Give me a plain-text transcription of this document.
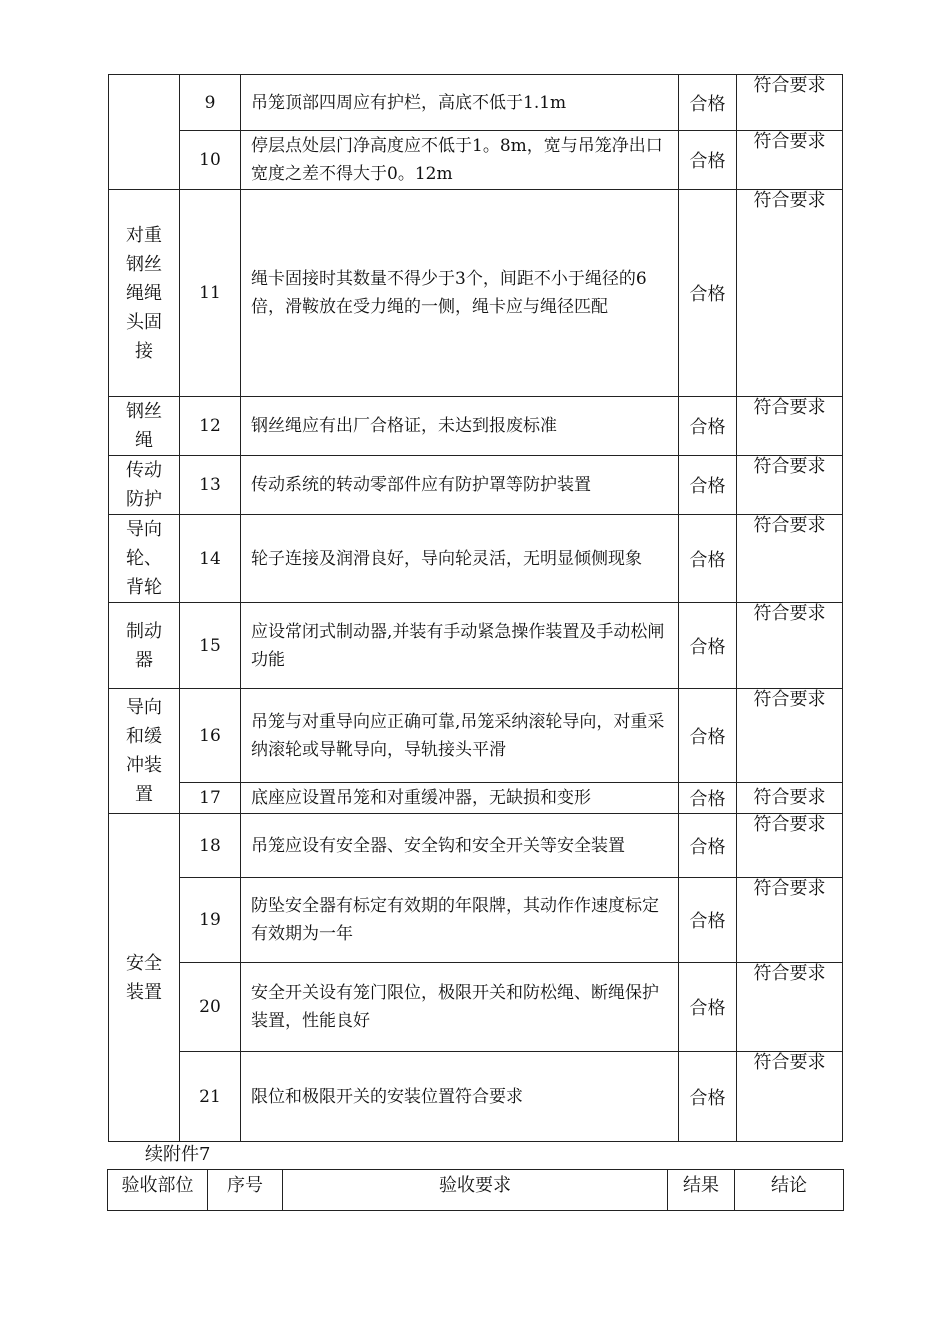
	9	吊笼顶部四周应有护栏，高底不低于1.1m	合格	符合要求
	10	停层点处层门净高度应不低于1。8m，宽与吊笼净出口宽度之差不得大于0。12m	合格	符合要求
对重钢丝绳绳头固接	11	绳卡固接时其数量不得少于3个，间距不小于绳径的6倍，滑鞍放在受力绳的一侧，绳卡应与绳径匹配	合格	符合要求
钢丝绳	12	钢丝绳应有出厂合格证，未达到报废标准	合格	符合要求
传动防护	13	传动系统的转动零部件应有防护罩等防护装置	合格	符合要求
导向轮、背轮	14	轮子连接及润滑良好，导向轮灵活，无明显倾侧现象	合格	符合要求
制动器	15	应设常闭式制动器,并装有手动紧急操作装置及手动松闸功能	合格	符合要求
导向和缓冲装置	16	吊笼与对重导向应正确可靠,吊笼采纳滚轮导向，对重采纳滚轮或导靴导向，导轨接头平滑	合格	符合要求
	17	底座应设置吊笼和对重缓冲器，无缺损和变形	合格	符合要求
安全装置	18	吊笼应设有安全器、安全钩和安全开关等安全装置	合格	符合要求
	19	防坠安全器有标定有效期的年限牌，其动作作速度标定有效期为一年	合格	符合要求
	20	安全开关设有笼门限位，极限开关和防松绳、断绳保护装置，性能良好	合格	符合要求
	21	限位和极限开关的安装位置符合要求	合格	符合要求
续附件7
验收部位	序号	验收要求	结果	结论
